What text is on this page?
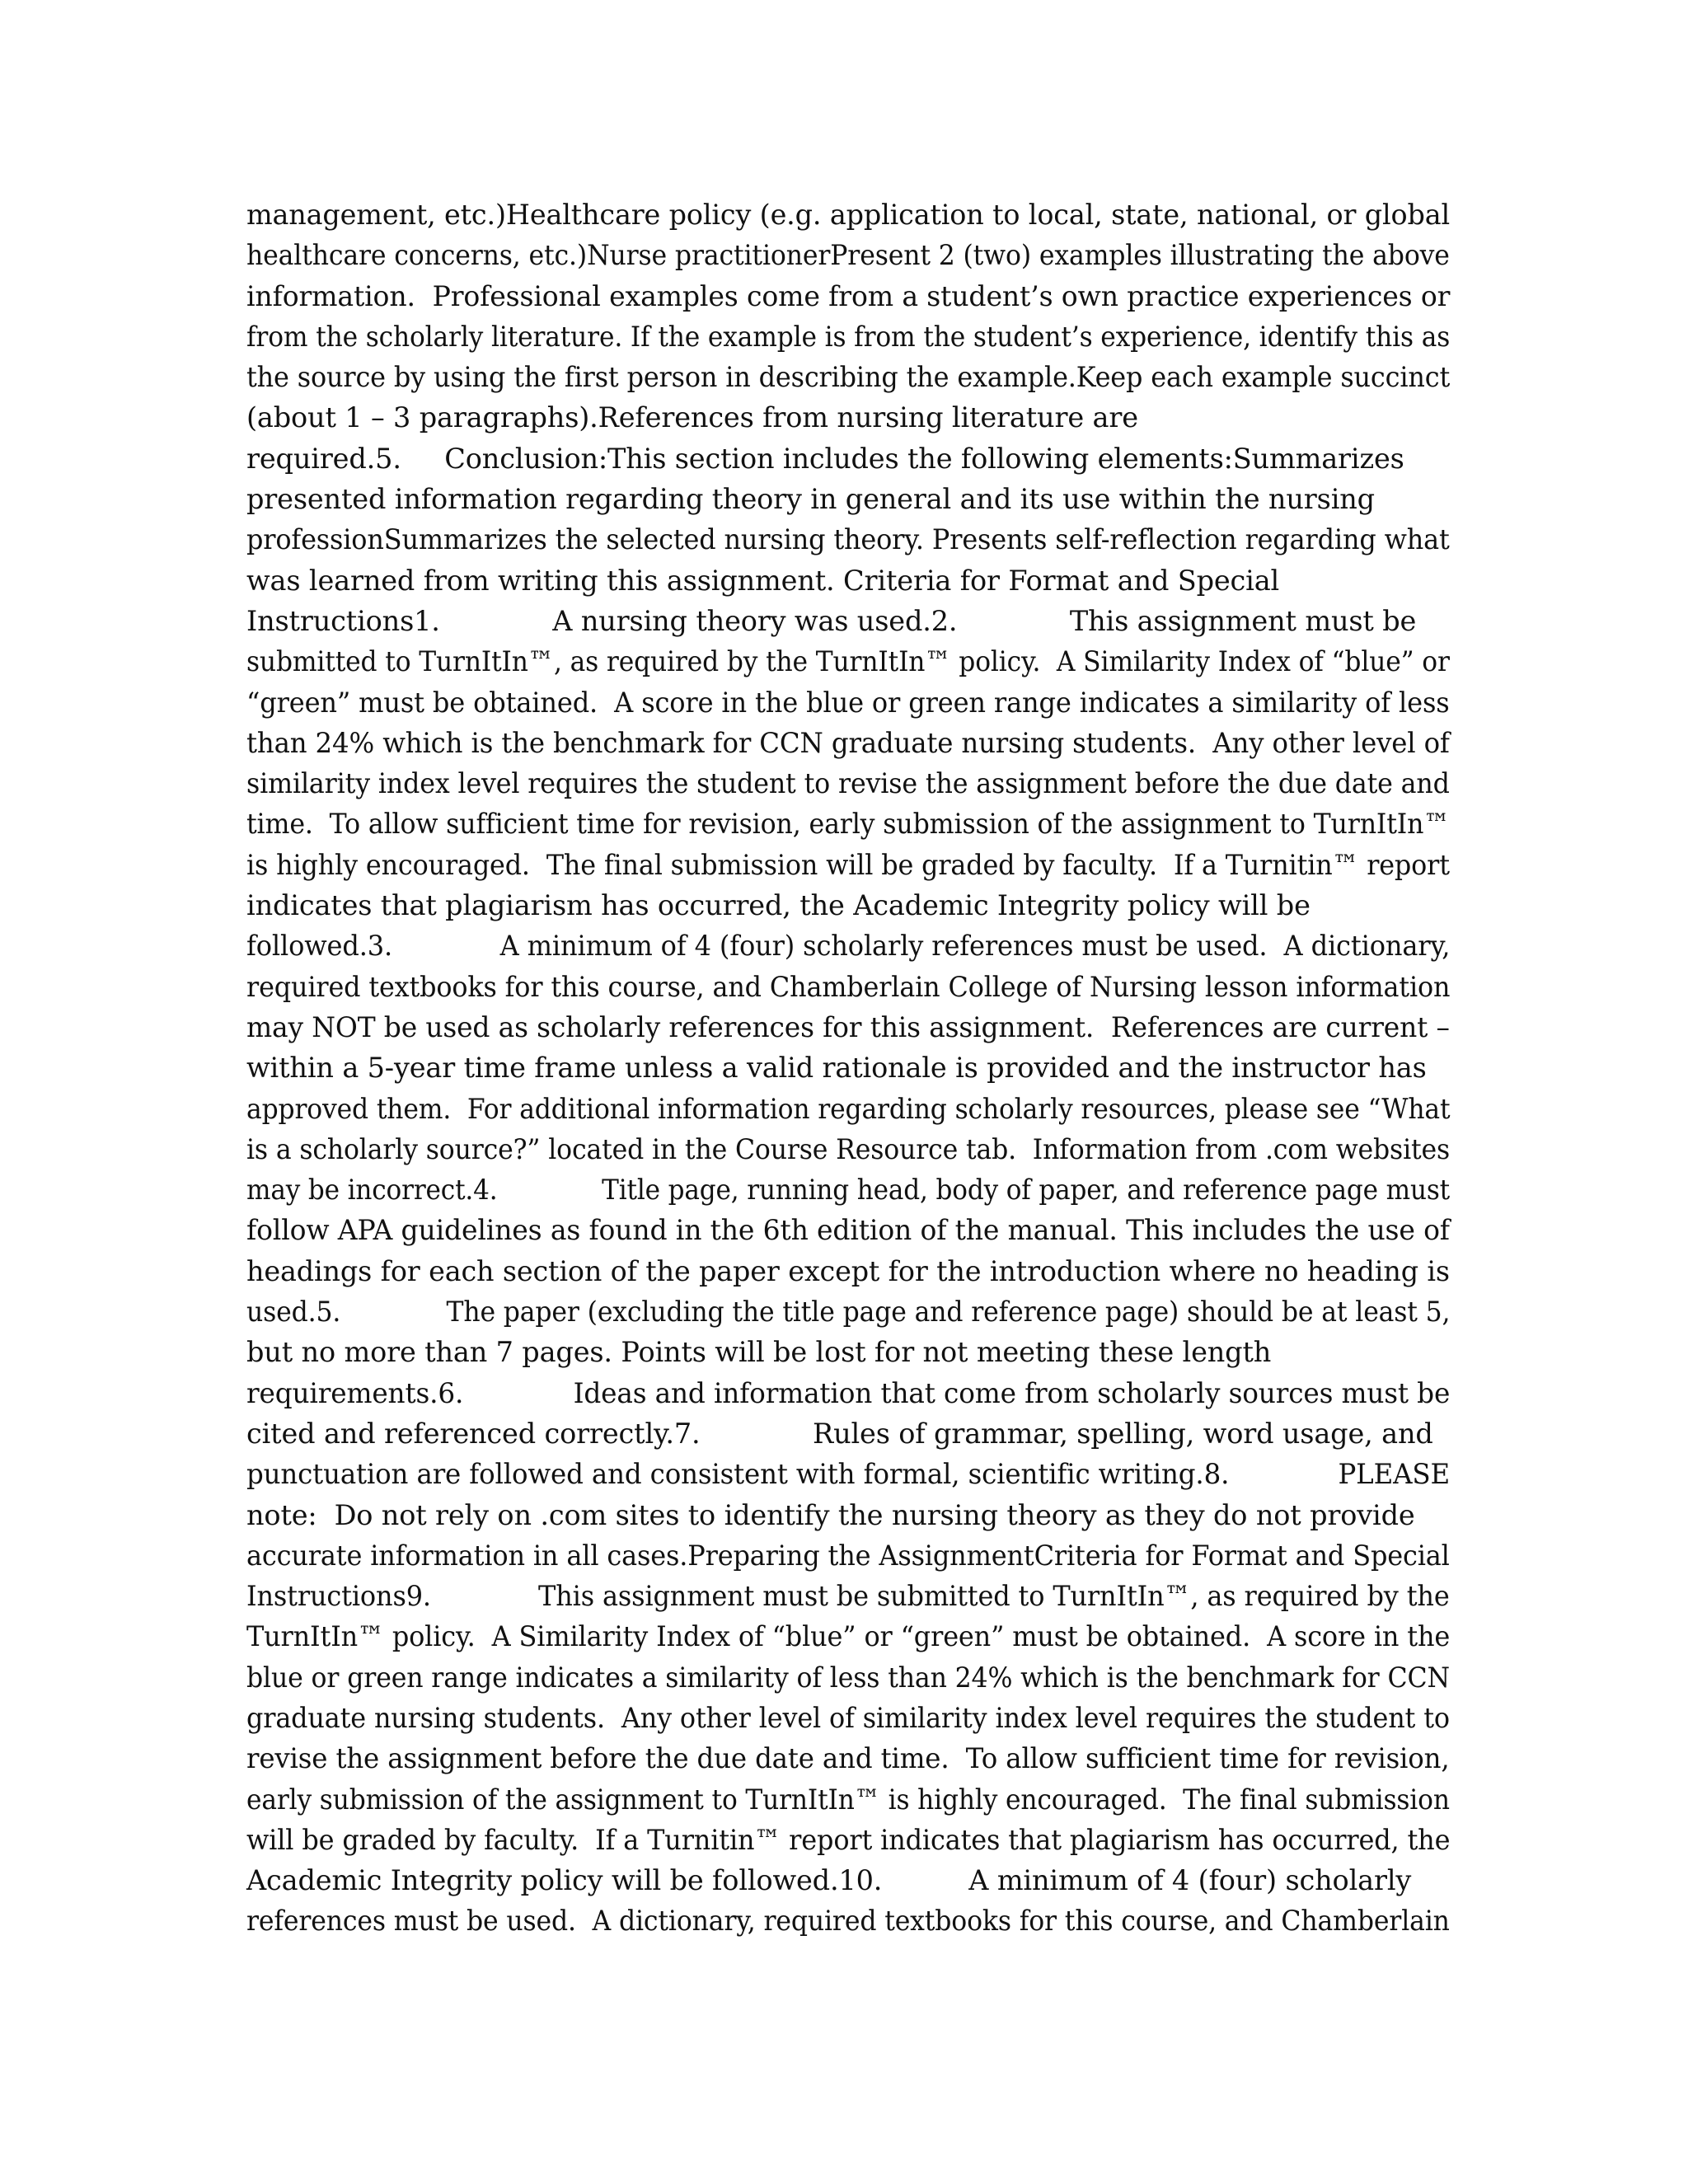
management, etc.)Healthcare policy (e.g. application to local, state, national, or global
healthcare concerns, etc.)Nurse practitionerPresent 2 (two) examples illustrating the above
information.  Professional examples come from a student’s own practice experiences or
from the scholarly literature. If the example is from the student’s experience, identify this as
the source by using the first person in describing the example.Keep each example succinct
(about 1 – 3 paragraphs).References from nursing literature are
required.5.     Conclusion:This section includes the following elements:Summarizes
presented information regarding theory in general and its use within the nursing
professionSummarizes the selected nursing theory. Presents self-reflection regarding what
was learned from writing this assignment. Criteria for Format and Special
Instructions1.             A nursing theory was used.2.             This assignment must be
submitted to TurnItIn™, as required by the TurnItIn™ policy.  A Similarity Index of “blue” or
“green” must be obtained.  A score in the blue or green range indicates a similarity of less
than 24% which is the benchmark for CCN graduate nursing students.  Any other level of
similarity index level requires the student to revise the assignment before the due date and
time.  To allow sufficient time for revision, early submission of the assignment to TurnItIn™
is highly encouraged.  The final submission will be graded by faculty.  If a Turnitin™ report
indicates that plagiarism has occurred, the Academic Integrity policy will be
followed.3.             A minimum of 4 (four) scholarly references must be used.  A dictionary,
required textbooks for this course, and Chamberlain College of Nursing lesson information
may NOT be used as scholarly references for this assignment.  References are current –
within a 5-year time frame unless a valid rationale is provided and the instructor has
approved them.  For additional information regarding scholarly resources, please see “What
is a scholarly source?” located in the Course Resource tab.  Information from .com websites
may be incorrect.4.             Title page, running head, body of paper, and reference page must
follow APA guidelines as found in the 6th edition of the manual. This includes the use of
headings for each section of the paper except for the introduction where no heading is
used.5.             The paper (excluding the title page and reference page) should be at least 5,
but no more than 7 pages. Points will be lost for not meeting these length
requirements.6.             Ideas and information that come from scholarly sources must be
cited and referenced correctly.7.             Rules of grammar, spelling, word usage, and
punctuation are followed and consistent with formal, scientific writing.8.             PLEASE
note:  Do not rely on .com sites to identify the nursing theory as they do not provide
accurate information in all cases.Preparing the AssignmentCriteria for Format and Special
Instructions9.             This assignment must be submitted to TurnItIn™, as required by the
TurnItIn™ policy.  A Similarity Index of “blue” or “green” must be obtained.  A score in the
blue or green range indicates a similarity of less than 24% which is the benchmark for CCN
graduate nursing students.  Any other level of similarity index level requires the student to
revise the assignment before the due date and time.  To allow sufficient time for revision,
early submission of the assignment to TurnItIn™ is highly encouraged.  The final submission
will be graded by faculty.  If a Turnitin™ report indicates that plagiarism has occurred, the
Academic Integrity policy will be followed.10.          A minimum of 4 (four) scholarly
references must be used.  A dictionary, required textbooks for this course, and Chamberlain
